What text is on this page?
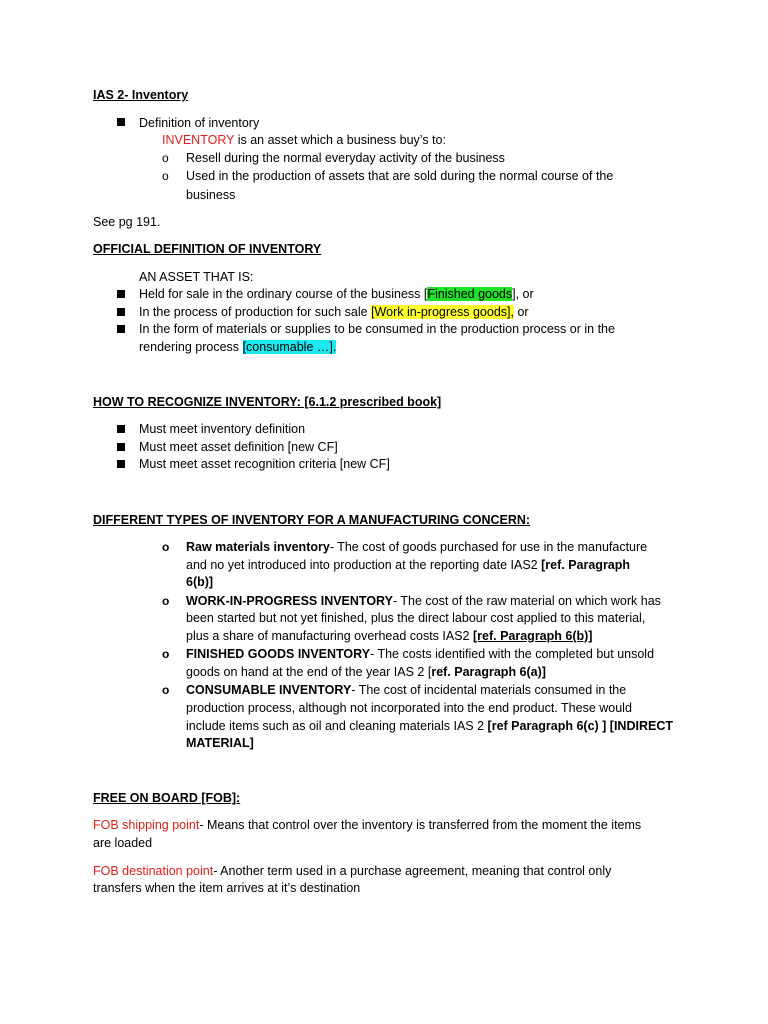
IAS 2- Inventory
Definition of inventory
INVENTORY is an asset which a business buy’s to:
o Resell during the normal everyday activity of the business
o Used in the production of assets that are sold during the normal course of the
business
See pg 191.
OFFICIAL DEFINITION OF INVENTORY
AN ASSET THAT IS:
Held for sale in the ordinary course of the business [Finished goods], or
In the process of production for such sale [Work in-progress goods], or
In the form of materials or supplies to be consumed in the production process or in the
rendering process [consumable …].
HOW TO RECOGNIZE INVENTORY: [6.1.2 prescribed book]
Must meet inventory definition
Must meet asset definition [new CF]
Must meet asset recognition criteria [new CF]
DIFFERENT TYPES OF INVENTORY FOR A MANUFACTURING CONCERN:
o Raw materials inventory- The cost of goods purchased for use in the manufacture
and no yet introduced into production at the reporting date IAS2 [ref. Paragraph
6(b)]
o WORK-IN-PROGRESS INVENTORY- The cost of the raw material on which work has
been started but not yet finished, plus the direct labour cost applied to this material,
plus a share of manufacturing overhead costs IAS2 [ref. Paragraph 6(b)]
o FINISHED GOODS INVENTORY- The costs identified with the completed but unsold
goods on hand at the end of the year IAS 2 [ref. Paragraph 6(a)]
o CONSUMABLE INVENTORY- The cost of incidental materials consumed in the
production process, although not incorporated into the end product. These would
include items such as oil and cleaning materials IAS 2 [ref Paragraph 6(c) ] [INDIRECT
MATERIAL]
FREE ON BOARD [FOB]:
FOB shipping point- Means that control over the inventory is transferred from the moment the items
are loaded
FOB destination point- Another term used in a purchase agreement, meaning that control only
transfers when the item arrives at it’s destination
